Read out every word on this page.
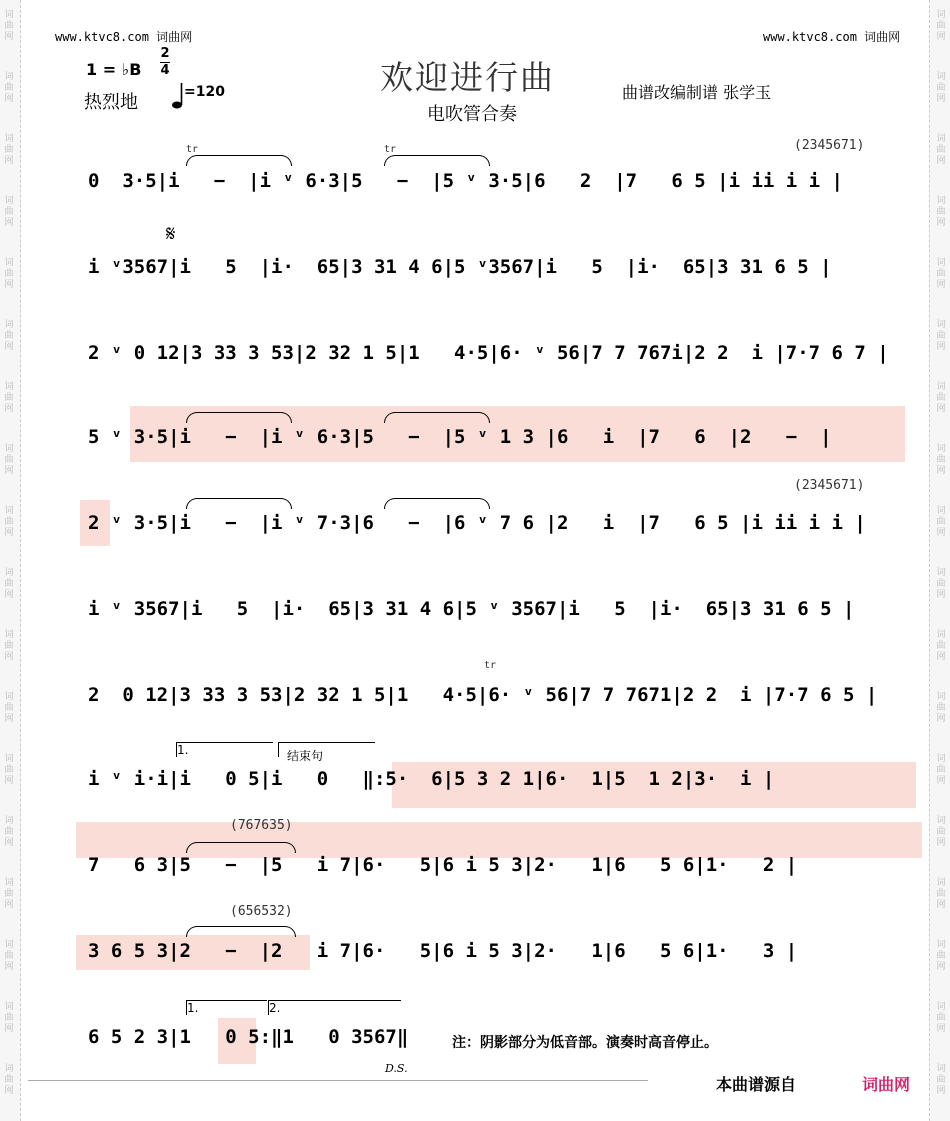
词曲网
词曲网
词曲网
词曲网
词曲网
词曲网
词曲网
词曲网
词曲网
词曲网
词曲网
词曲网
词曲网
词曲网
词曲网
词曲网
词曲网
词曲网
词曲网
词曲网
词曲网
词曲网
词曲网
词曲网
词曲网
词曲网
词曲网
词曲网
词曲网
词曲网
词曲网
词曲网
词曲网
词曲网
词曲网
词曲网
www.ktvc8.com 词曲网	www.ktvc8.com 词曲网
1 = ♭B
2
4
热烈地	=120	欢迎进行曲
电吹管合奏
曲谱改编制谱 张学玉
tr	tr
tr
𝄋
(2345671)
(2345671)
(767635)
(656532)
1.	结束句
1.	2.
0  3·5|i   −  |i ᵛ 6·3|5   −  |5 ᵛ 3·5|6   2  |7   6 5 |i ii i i |
i ᵛ3567|i   5  |i·  65|3 31 4 6|5 ᵛ3567|i   5  |i·  65|3 31 6 5 |
2 ᵛ 0 12|3 33 3 53|2 32 1 5|1   4·5|6· ᵛ 56|7 7 767i|2 2  i |7·7 6 7 |
5 ᵛ 3·5|i   −  |i ᵛ 6·3|5   −  |5 ᵛ 1 3 |6   i  |7   6  |2   −  |
2 ᵛ 3·5|i   −  |i ᵛ 7·3|6   −  |6 ᵛ 7 6 |2   i  |7   6 5 |i ii i i |
i ᵛ 3567|i   5  |i·  65|3 31 4 6|5 ᵛ 3567|i   5  |i·  65|3 31 6 5 |
2  0 12|3 33 3 53|2 32 1 5|1   4·5|6· ᵛ 56|7 7 7671|2 2  i |7·7 6 5 |
i ᵛ i·i|i   0 5|i   0   ‖:5·  6|5 3 2 1|6·  1|5  1 2|3·  i |
7   6 3|5   −  |5   i 7|6·   5|6 i 5 3|2·   1|6   5 6|1·   2 |
3 6 5 3|2   −  |2   i 7|6·   5|6 i 5 3|2·   1|6   5 6|1·   3 |
6 5 2 3|1   0 5:‖1   0 3567‖
D.S.
注：阴影部分为低音部。演奏时高音停止。
本曲谱源自	词曲网
